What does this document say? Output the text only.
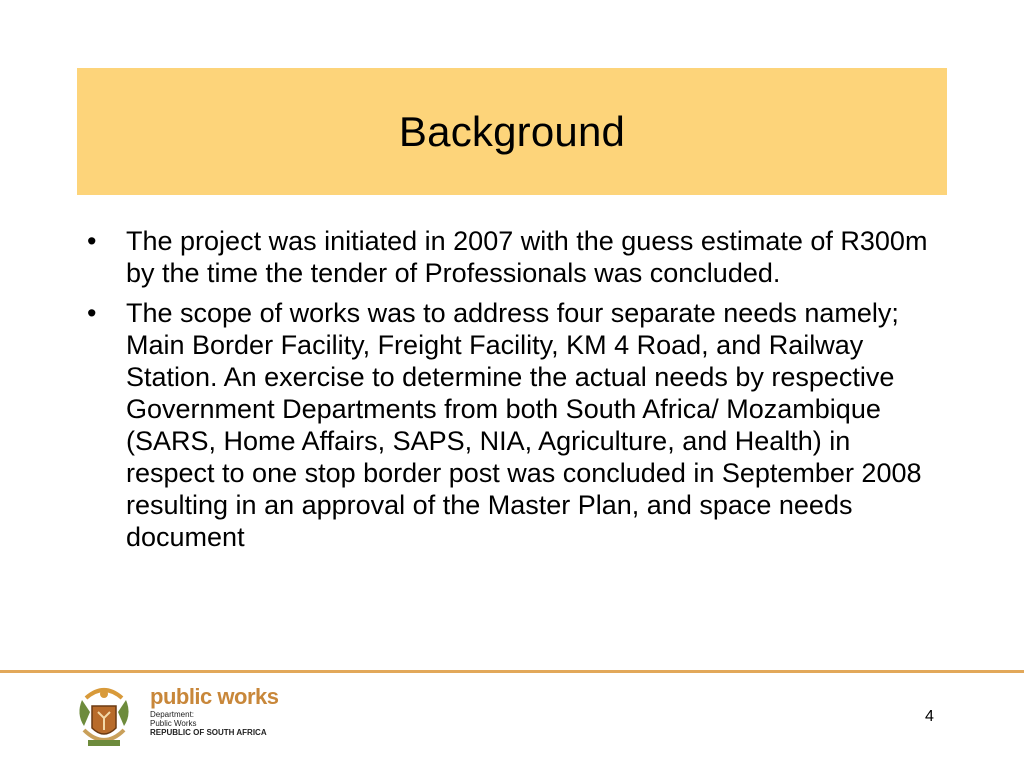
Background
• The project was initiated in 2007 with the guess estimate of R300m by the time the tender of Professionals was concluded.
• The scope of works was to address four separate needs namely; Main Border Facility, Freight Facility, KM 4 Road, and Railway Station. An exercise to determine the actual needs by respective Government Departments from both South Africa/ Mozambique (SARS, Home Affairs, SAPS, NIA, Agriculture, and Health) in respect to one stop border post was concluded in September 2008 resulting in an approval of the Master Plan, and space needs document
public works
Department:
Public Works
REPUBLIC OF SOUTH AFRICA
4
